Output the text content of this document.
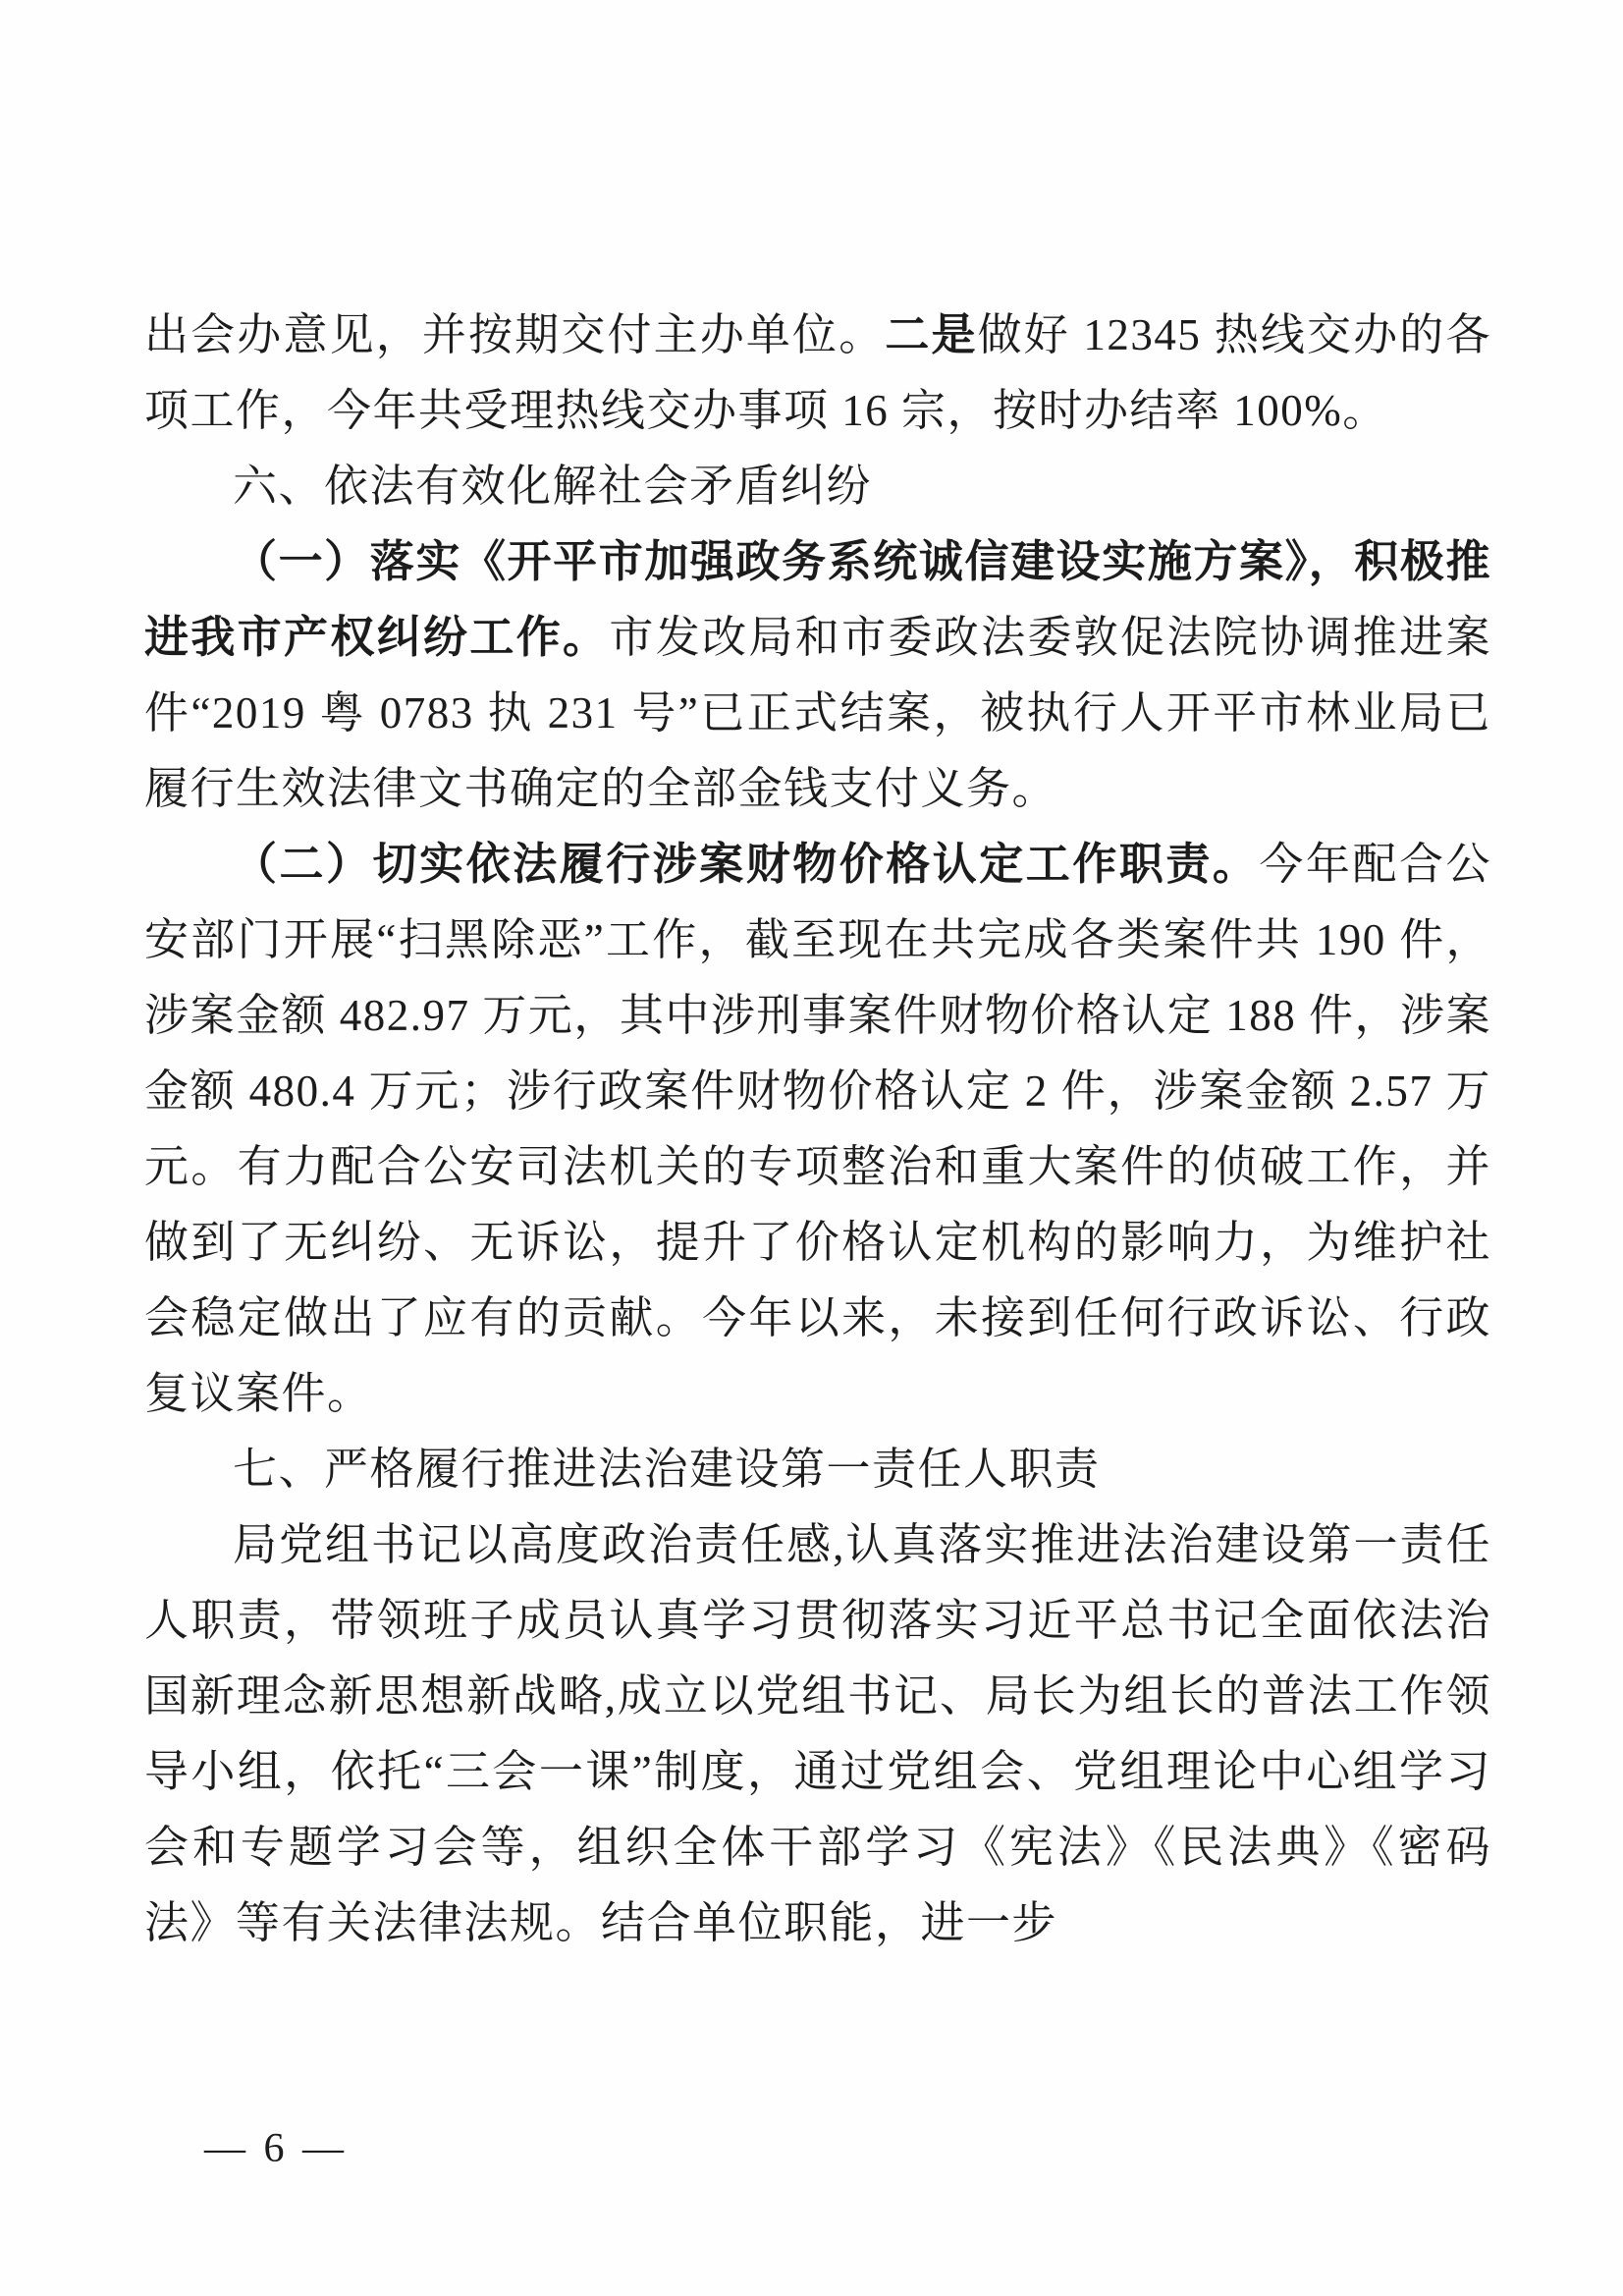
出会办意见，并按期交付主办单位。二是做好 12345 热线交办的各项工作，今年共受理热线交办事项 16 宗，按时办结率 100%。

六、依法有效化解社会矛盾纠纷

（一）落实《开平市加强政务系统诚信建设实施方案》，积极推进我市产权纠纷工作。市发改局和市委政法委敦促法院协调推进案件“2019 粤 0783 执 231 号”已正式结案，被执行人开平市林业局已履行生效法律文书确定的全部金钱支付义务。

（二）切实依法履行涉案财物价格认定工作职责。今年配合公安部门开展“扫黑除恶”工作，截至现在共完成各类案件共 190 件，涉案金额 482.97 万元，其中涉刑事案件财物价格认定 188 件，涉案金额 480.4 万元；涉行政案件财物价格认定 2 件，涉案金额 2.57 万元。有力配合公安司法机关的专项整治和重大案件的侦破工作，并做到了无纠纷、无诉讼，提升了价格认定机构的影响力，为维护社会稳定做出了应有的贡献。今年以来，未接到任何行政诉讼、行政复议案件。

七、严格履行推进法治建设第一责任人职责

局党组书记以高度政治责任感,认真落实推进法治建设第一责任人职责，带领班子成员认真学习贯彻落实习近平总书记全面依法治国新理念新思想新战略,成立以党组书记、局长为组长的普法工作领导小组，依托“三会一课”制度，通过党组会、党组理论中心组学习会和专题学习会等，组织全体干部学习《宪法》《民法典》《密码法》等有关法律法规。结合单位职能，进一步

— 6 —
